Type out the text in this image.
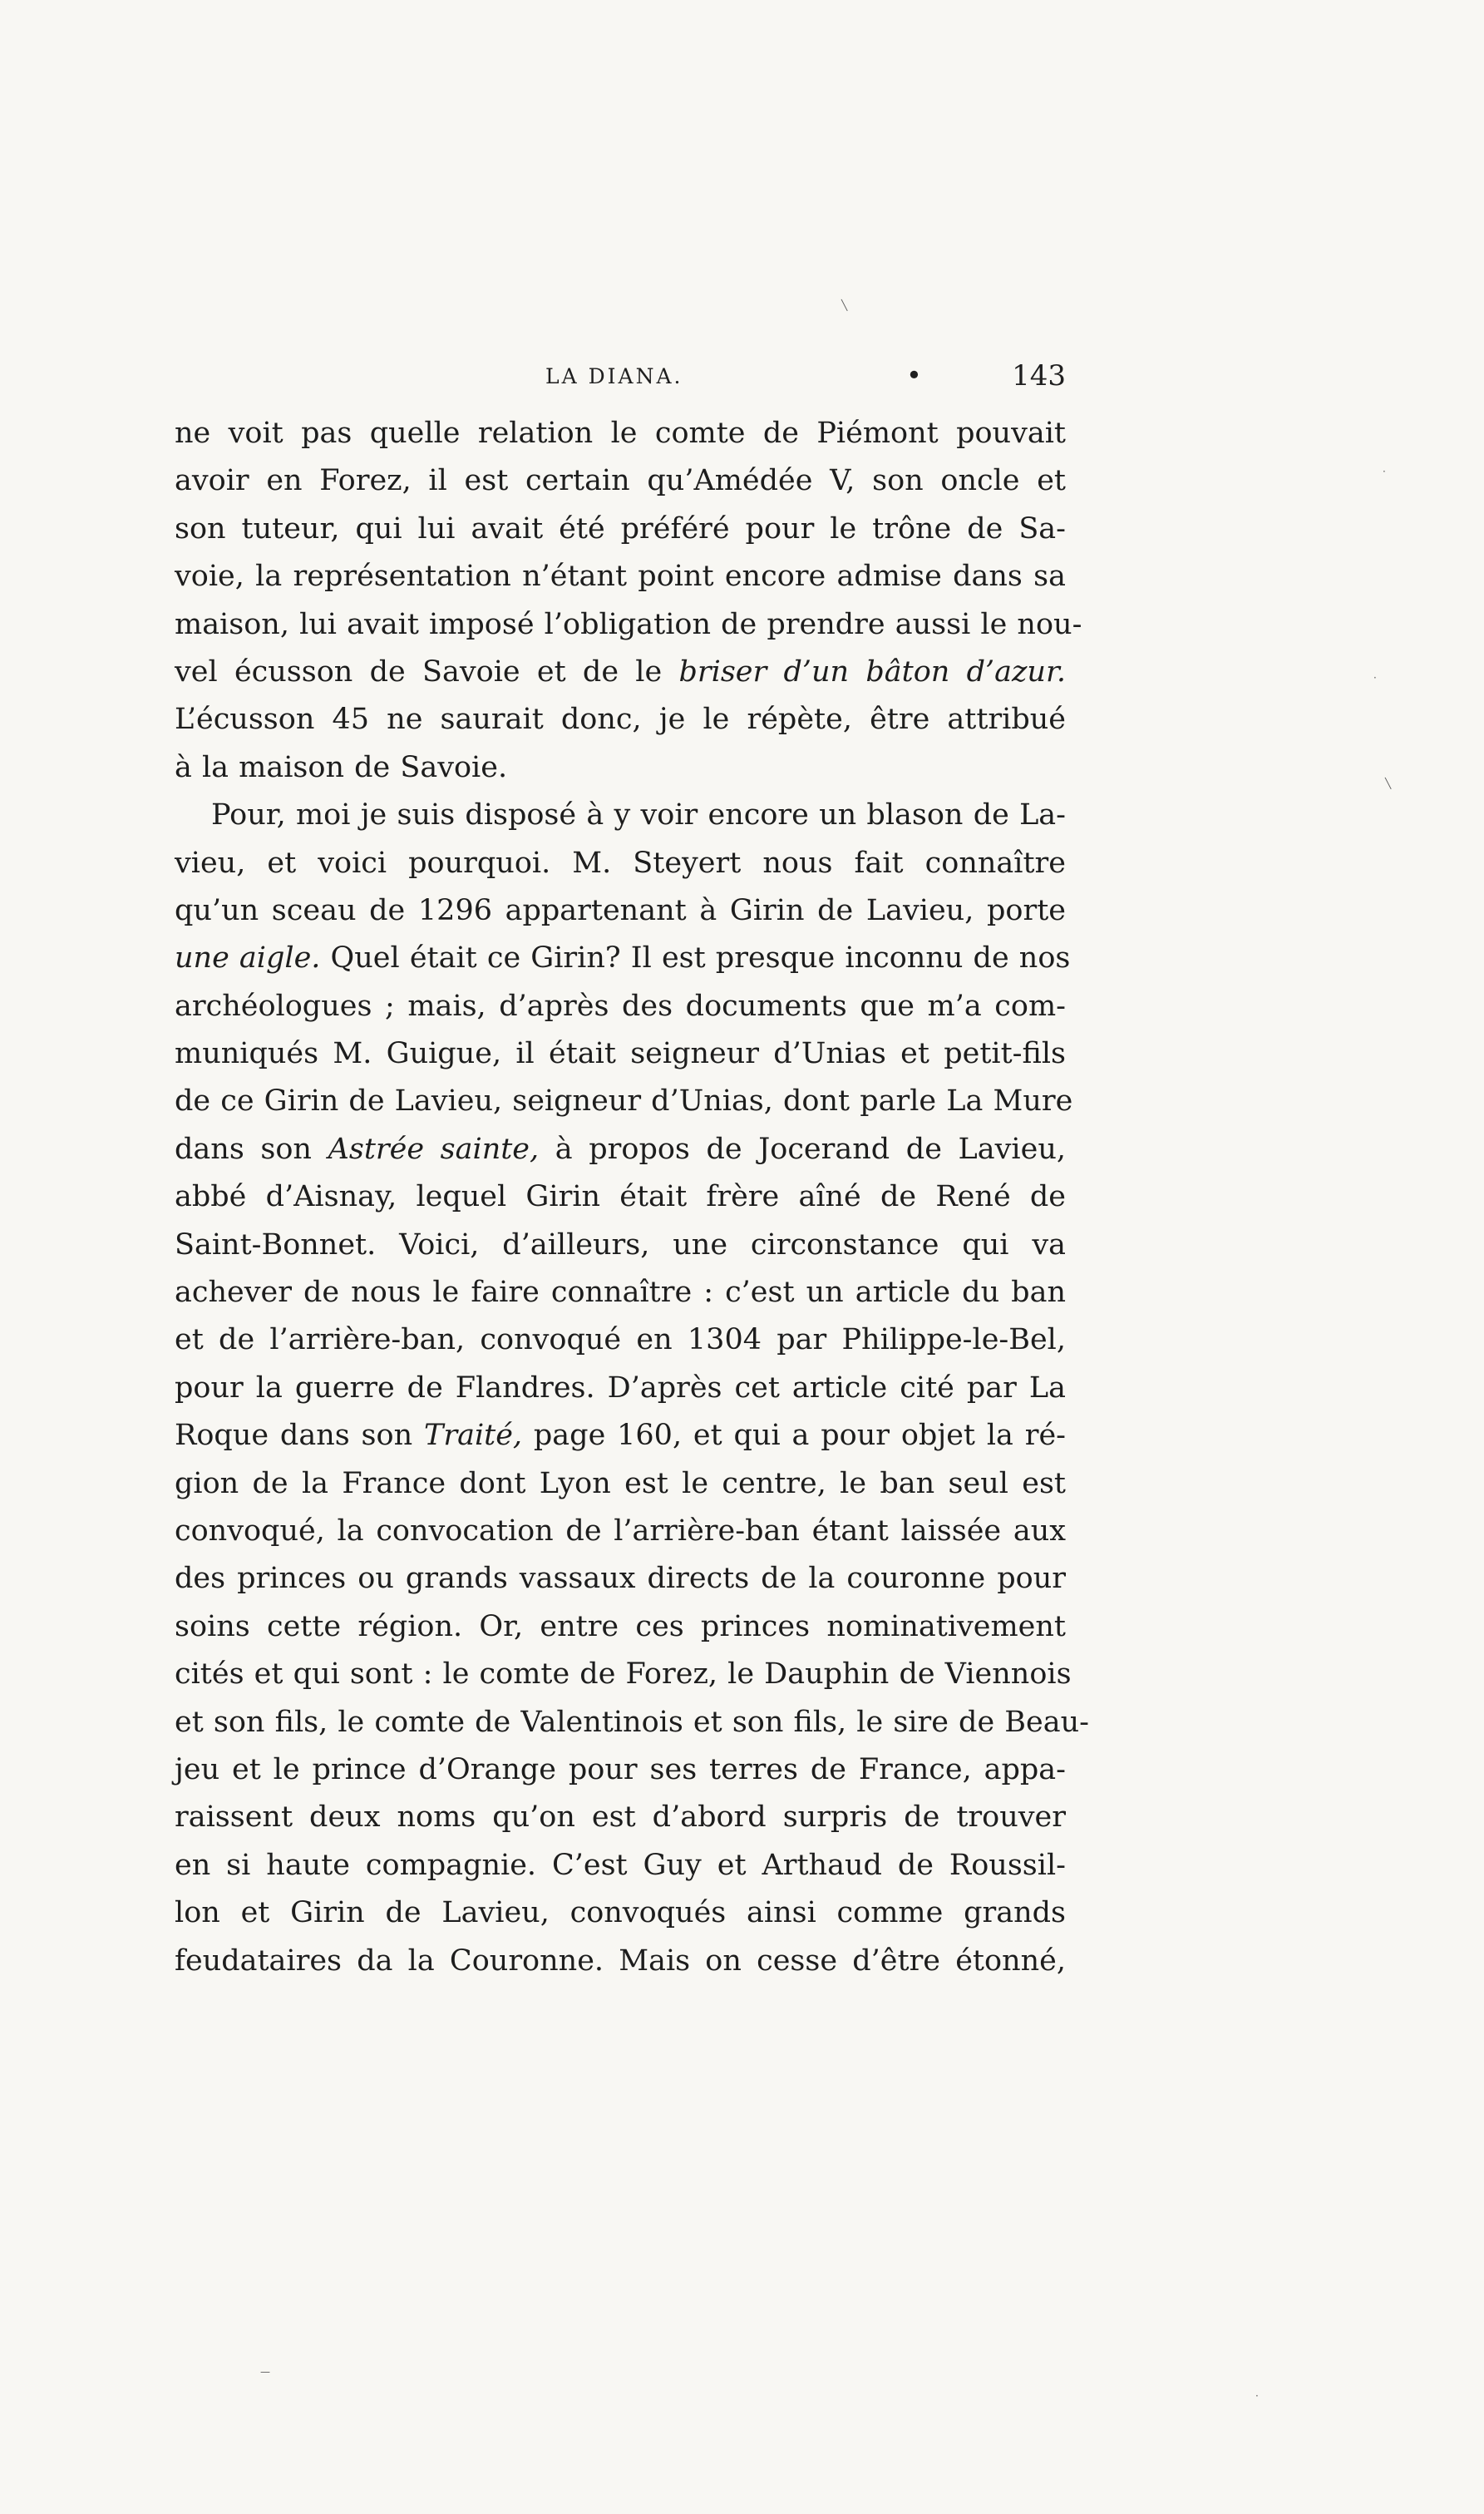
LA DIANA.	•	143
ne voit pas quelle relation le comte de Piémont pouvait
avoir en Forez, il est certain qu’Amédée V, son oncle et
son tuteur, qui lui avait été préféré pour le trône de Sa-
voie, la représentation n’étant point encore admise dans sa
maison, lui avait imposé l’obligation de prendre aussi le nou-
vel écusson de Savoie et de le briser d’un bâton d’azur.
L’écusson 45 ne saurait donc, je le répète, être attribué
à la maison de Savoie.
Pour, moi je suis disposé à y voir encore un blason de La-
vieu, et voici pourquoi. M. Steyert nous fait connaître
qu’un sceau de 1296 appartenant à Girin de Lavieu, porte
une aigle. Quel était ce Girin? Il est presque inconnu de nos
archéologues ; mais, d’après des documents que m’a com-
muniqués M. Guigue, il était seigneur d’Unias et petit-fils
de ce Girin de Lavieu, seigneur d’Unias, dont parle La Mure
dans son Astrée sainte, à propos de Jocerand de Lavieu,
abbé d’Aisnay, lequel Girin était frère aîné de René de
Saint-Bonnet. Voici, d’ailleurs, une circonstance qui va
achever de nous le faire connaître : c’est un article du ban
et de l’arrière-ban, convoqué en 1304 par Philippe-le-Bel,
pour la guerre de Flandres. D’après cet article cité par La
Roque dans son Traité, page 160, et qui a pour objet la ré-
gion de la France dont Lyon est le centre, le ban seul est
convoqué, la convocation de l’arrière-ban étant laissée aux
des princes ou grands vassaux directs de la couronne pour
soins cette région. Or, entre ces princes nominativement
cités et qui sont : le comte de Forez, le Dauphin de Viennois
et son fils, le comte de Valentinois et son fils, le sire de Beau-
jeu et le prince d’Orange pour ses terres de France, appa-
raissent deux noms qu’on est d’abord surpris de trouver
en si haute compagnie. C’est Guy et Arthaud de Roussil-
lon et Girin de Lavieu, convoqués ainsi comme grands
feudataires da la Couronne. Mais on cesse d’être étonné,
╲
·
╲
·
—
·
